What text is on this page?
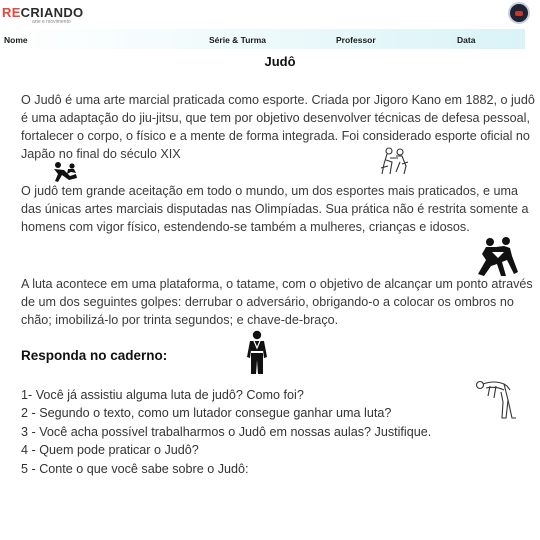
RECRIANDO
arte e movimento
Nome	Série & Turma	Professor	Data
Judô

O Judô é uma arte marcial praticada como esporte. Criada por Jigoro Kano em 1882, o judô é uma adaptação do jiu-jitsu, que tem por objetivo desenvolver técnicas de defesa pessoal, fortalecer o corpo, o físico e a mente de forma integrada. Foi considerado esporte oficial no Japão no final do século XIX

O judô tem grande aceitação em todo o mundo, um dos esportes mais praticados, e uma das únicas artes marciais disputadas nas Olimpíadas. Sua prática não é restrita somente a homens com vigor físico, estendendo-se também a mulheres, crianças e idosos.

A luta acontece em uma plataforma, o tatame, com o objetivo de alcançar um ponto através de um dos seguintes golpes: derrubar o adversário, obrigando-o a colocar os ombros no chão; imobilizá-lo por trinta segundos; e chave-de-braço.

Responda no caderno:
1- Você já assistiu alguma luta de judô? Como foi?
2 - Segundo o texto, como um lutador consegue ganhar uma luta?
3 - Você acha possível trabalharmos o Judô em nossas aulas? Justifique.
4 - Quem pode praticar o Judô?
5 - Conte o que você sabe sobre o Judô:
